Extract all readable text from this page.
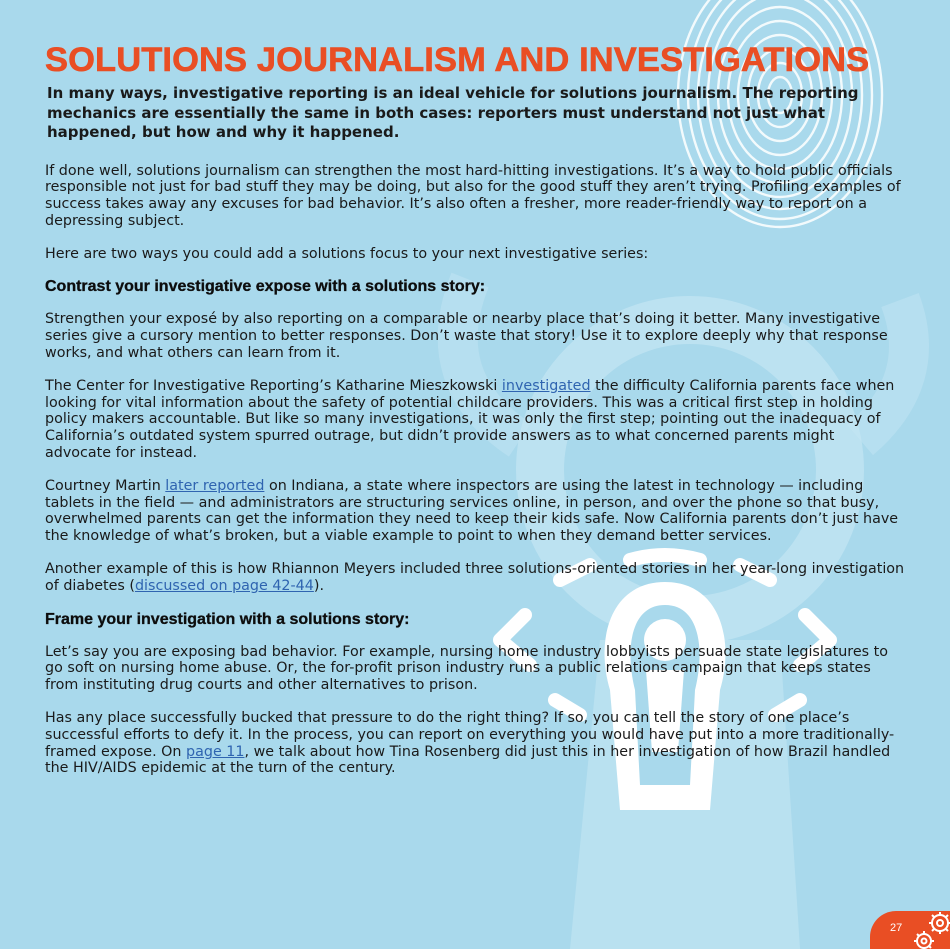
SOLUTIONS JOURNALISM AND INVESTIGATIONS
In many ways, investigative reporting is an ideal vehicle for solutions journalism. The reporting mechanics are essentially the same in both cases: reporters must understand not just what happened, but how and why it happened.

If done well, solutions journalism can strengthen the most hard-hitting investigations. It’s a way to hold public officials responsible not just for bad stuff they may be doing, but also for the good stuff they aren’t trying. Profiling examples of success takes away any excuses for bad behavior. It’s also often a fresher, more reader-friendly way to report on a depressing subject.

Here are two ways you could add a solutions focus to your next investigative series:

Contrast your investigative expose with a solutions story:

Strengthen your exposé by also reporting on a comparable or nearby place that’s doing it better. Many investigative series give a cursory mention to better responses. Don’t waste that story! Use it to explore deeply why that response works, and what others can learn from it.

The Center for Investigative Reporting’s Katharine Mieszkowski investigated the difficulty California parents face when looking for vital information about the safety of potential childcare providers. This was a critical first step in holding policy makers accountable. But like so many investigations, it was only the first step; pointing out the inadequacy of California’s outdated system spurred outrage, but didn’t provide answers as to what concerned parents might advocate for instead.

Courtney Martin later reported on Indiana, a state where inspectors are using the latest in technology — including tablets in the field — and administrators are structuring services online, in person, and over the phone so that busy, overwhelmed parents can get the information they need to keep their kids safe. Now California parents don’t just have the knowledge of what’s broken, but a viable example to point to when they demand better services.

Another example of this is how Rhiannon Meyers included three solutions-oriented stories in her year-long investigation of diabetes (discussed on page 42-44).

Frame your investigation with a solutions story:

Let’s say you are exposing bad behavior. For example, nursing home industry lobbyists persuade state legislatures to go soft on nursing home abuse. Or, the for-profit prison industry runs a public relations campaign that keeps states from instituting drug courts and other alternatives to prison.

Has any place successfully bucked that pressure to do the right thing? If so, you can tell the story of one place’s successful efforts to defy it. In the process, you can report on everything you would have put into a more traditionally-framed expose. On page 11, we talk about how Tina Rosenberg did just this in her investigation of how Brazil handled the HIV/AIDS epidemic at the turn of the century.

27
